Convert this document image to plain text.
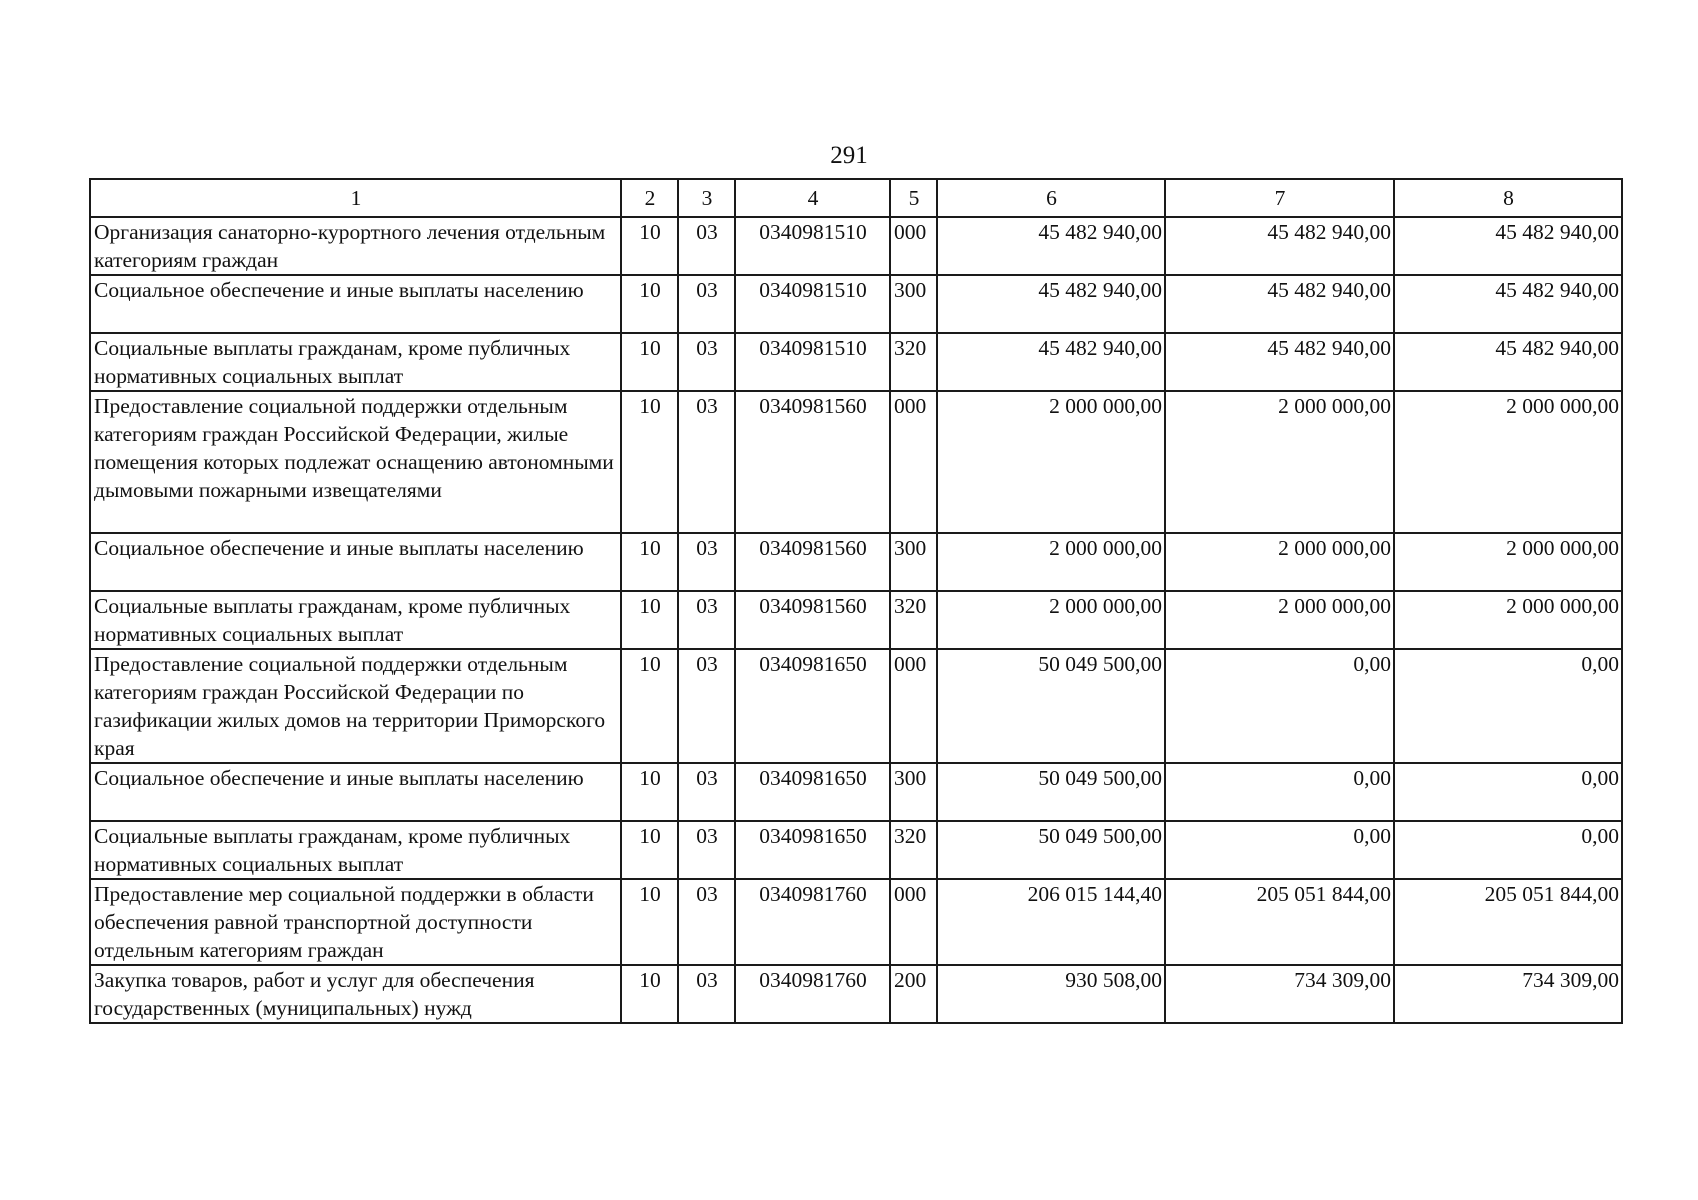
291
1	2	3	4	5	6	7	8
Организация санаторно-курортного лечения отдельным категориям граждан	10	03	0340981510	000	45 482 940,00	45 482 940,00	45 482 940,00
Социальное обеспечение и иные выплаты населению	10	03	0340981510	300	45 482 940,00	45 482 940,00	45 482 940,00
Социальные выплаты гражданам, кроме публичных нормативных социальных выплат	10	03	0340981510	320	45 482 940,00	45 482 940,00	45 482 940,00
Предоставление социальной поддержки отдельным категориям граждан Российской Федерации, жилые помещения которых подлежат оснащению автономными дымовыми пожарными извещателями	10	03	0340981560	000	2 000 000,00	2 000 000,00	2 000 000,00
Социальное обеспечение и иные выплаты населению	10	03	0340981560	300	2 000 000,00	2 000 000,00	2 000 000,00
Социальные выплаты гражданам, кроме публичных нормативных социальных выплат	10	03	0340981560	320	2 000 000,00	2 000 000,00	2 000 000,00
Предоставление социальной поддержки отдельным категориям граждан Российской Федерации по газификации жилых домов на территории Приморского края	10	03	0340981650	000	50 049 500,00	0,00	0,00
Социальное обеспечение и иные выплаты населению	10	03	0340981650	300	50 049 500,00	0,00	0,00
Социальные выплаты гражданам, кроме публичных нормативных социальных выплат	10	03	0340981650	320	50 049 500,00	0,00	0,00
Предоставление мер социальной поддержки в области обеспечения равной транспортной доступности отдельным категориям граждан	10	03	0340981760	000	206 015 144,40	205 051 844,00	205 051 844,00
Закупка товаров, работ и услуг для обеспечения государственных (муниципальных) нужд	10	03	0340981760	200	930 508,00	734 309,00	734 309,00
